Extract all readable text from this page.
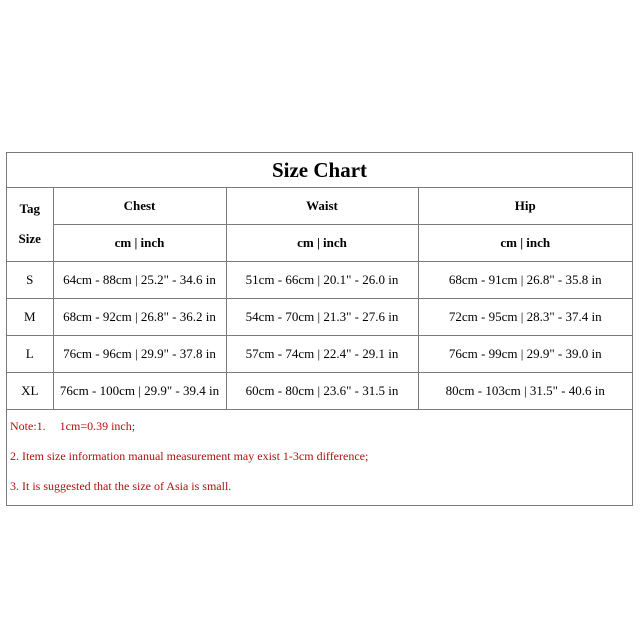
Size Chart
Tag
Size	Chest	Waist	Hip
	cm | inch	cm | inch	cm | inch
S	64cm - 88cm | 25.2" - 34.6 in	51cm - 66cm | 20.1" - 26.0 in	68cm - 91cm | 26.8" - 35.8 in
M	68cm - 92cm | 26.8" - 36.2 in	54cm - 70cm | 21.3" - 27.6 in	72cm - 95cm | 28.3" - 37.4 in
L	76cm - 96cm | 29.9" - 37.8 in	57cm - 74cm | 22.4" - 29.1 in	76cm - 99cm | 29.9" - 39.0 in
XL	76cm - 100cm | 29.9" - 39.4 in	60cm - 80cm | 23.6" - 31.5 in	80cm - 103cm | 31.5" - 40.6 in
Note:1. 1cm=0.39 inch;
2. Item size information manual measurement may exist 1-3cm difference;
3. It is suggested that the size of Asia is small.
